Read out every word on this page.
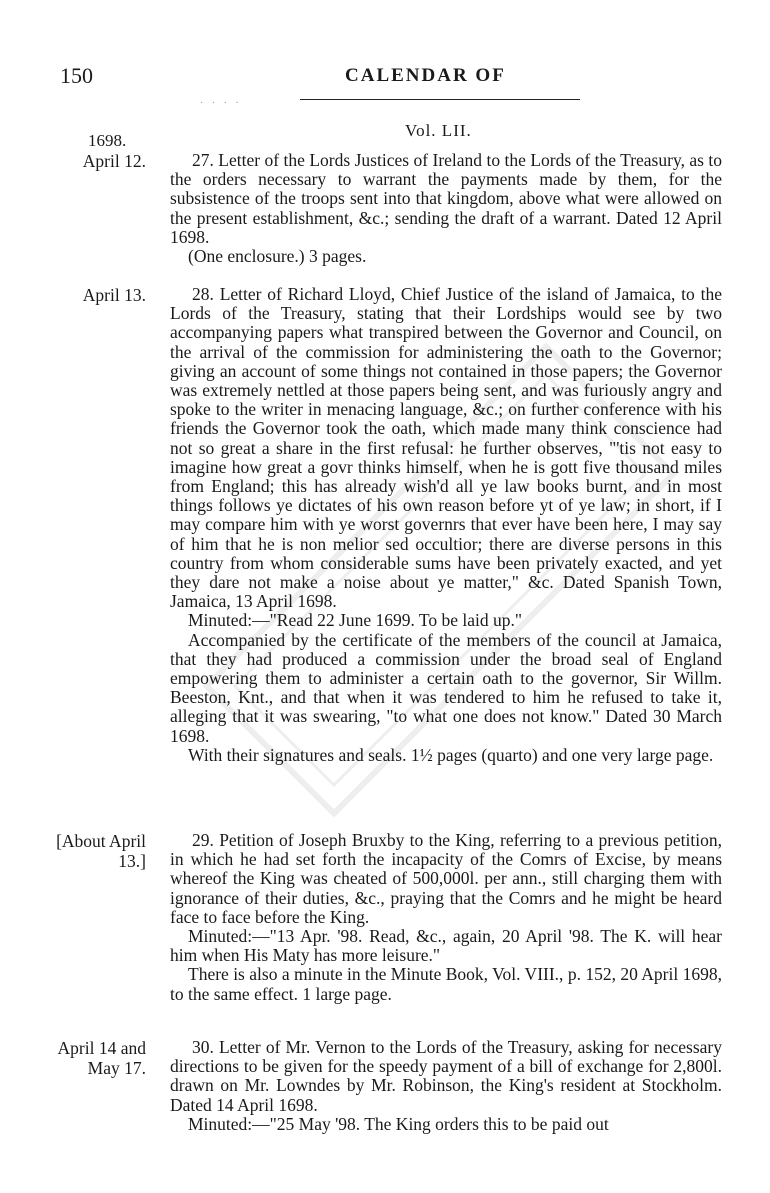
150	CALENDAR OF
· · · ·
Vol. LII.
1698.
April 12.	27. Letter of the Lords Justices of Ireland to the Lords of the Treasury, as to the orders necessary to warrant the payments made by them, for the subsistence of the troops sent into that kingdom, above what were allowed on the present establishment, &c.; sending the draft of a warrant. Dated 12 April 1698.

(One enclosure.) 3 pages.

April 13.	28. Letter of Richard Lloyd, Chief Justice of the island of Jamaica, to the Lords of the Treasury, stating that their Lordships would see by two accompanying papers what transpired between the Governor and Council, on the arrival of the commission for administering the oath to the Governor; giving an account of some things not contained in those papers; the Governor was extremely nettled at those papers being sent, and was furiously angry and spoke to the writer in menacing language, &c.; on further conference with his friends the Governor took the oath, which made many think conscience had not so great a share in the first refusal: he further observes, "'tis not easy to imagine how great a govr thinks himself, when he is gott five thousand miles from England; this has already wish'd all ye law books burnt, and in most things follows ye dictates of his own reason before yt of ye law; in short, if I may compare him with ye worst governrs that ever have been here, I may say of him that he is non melior sed occultior; there are diverse persons in this country from whom considerable sums have been privately exacted, and yet they dare not make a noise about ye matter," &c. Dated Spanish Town, Jamaica, 13 April 1698.

Minuted:—"Read 22 June 1699. To be laid up."

Accompanied by the certificate of the members of the council at Jamaica, that they had produced a commission under the broad seal of England empowering them to administer a certain oath to the governor, Sir Willm. Beeston, Knt., and that when it was tendered to him he refused to take it, alleging that it was swearing, "to what one does not know." Dated 30 March 1698.

With their signatures and seals. 1½ pages (quarto) and one very large page.

[About April 13.]

29. Petition of Joseph Bruxby to the King, referring to a previous petition, in which he had set forth the incapacity of the Comrs of Excise, by means whereof the King was cheated of 500,000l. per ann., still charging them with ignorance of their duties, &c., praying that the Comrs and he might be heard face to face before the King.

Minuted:—"13 Apr. '98. Read, &c., again, 20 April '98. The K. will hear him when His Maty has more leisure."

There is also a minute in the Minute Book, Vol. VIII., p. 152, 20 April 1698, to the same effect. 1 large page.

April 14 and May 17.

30. Letter of Mr. Vernon to the Lords of the Treasury, asking for necessary directions to be given for the speedy payment of a bill of exchange for 2,800l. drawn on Mr. Lowndes by Mr. Robinson, the King's resident at Stockholm. Dated 14 April 1698.

Minuted:—"25 May '98. The King orders this to be paid out
